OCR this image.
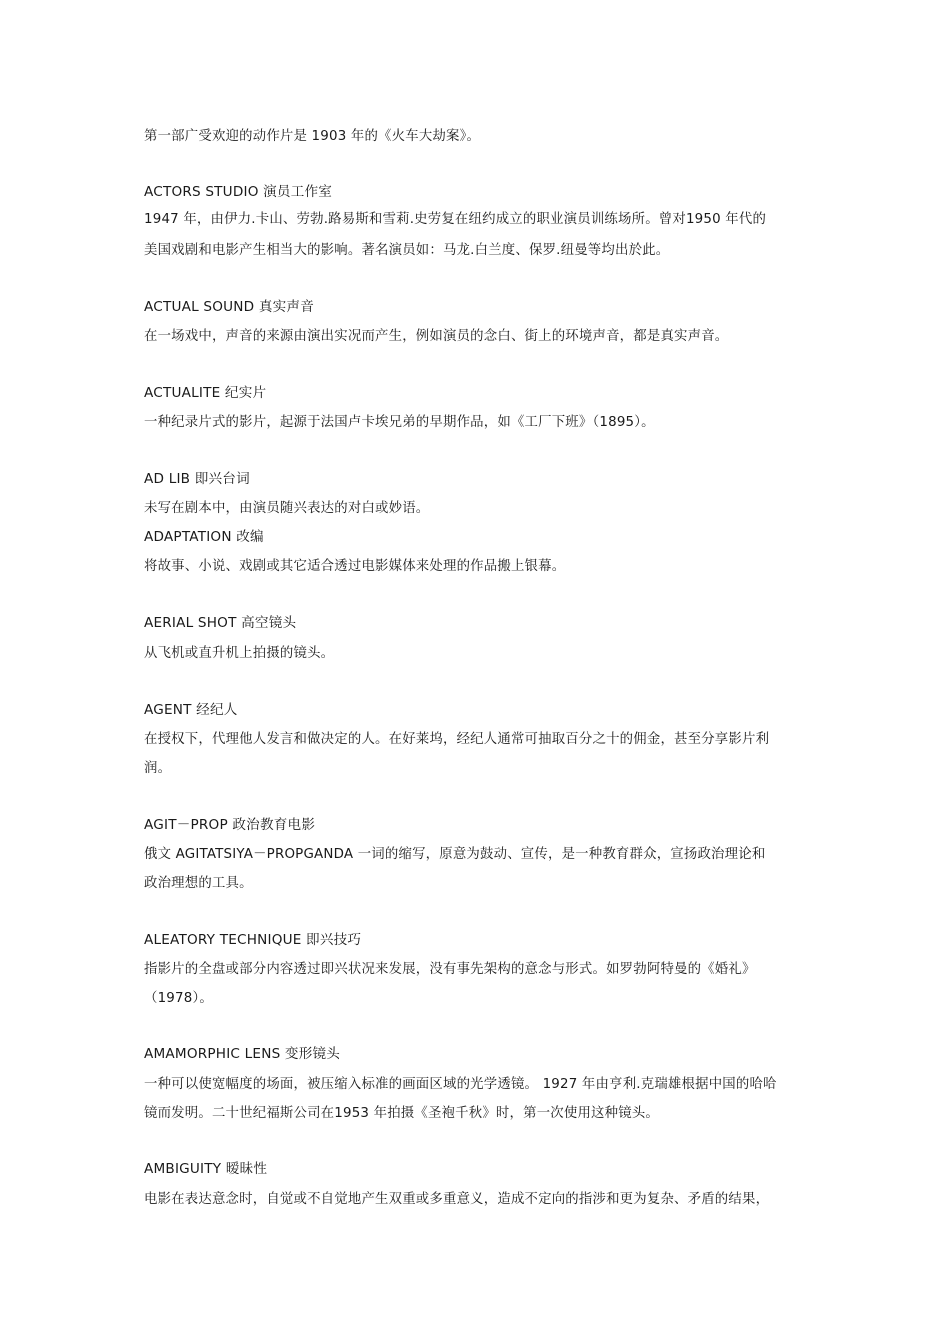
第一部广受欢迎的动作片是 1903 年的《火车大劫案》。
ACTORS STUDIO 演员工作室
1947 年，由伊力.卡山、劳勃.路易斯和雪莉.史劳复在纽约成立的职业演员训练场所。曾对1950 年代的
美国戏剧和电影产生相当大的影响。著名演员如：马龙.白兰度、保罗.纽曼等均出於此。
ACTUAL SOUND 真实声音
在一场戏中，声音的来源由演出实况而产生，例如演员的念白、街上的环境声音，都是真实声音。
ACTUALITE 纪实片
一种纪录片式的影片，起源于法国卢卡埃兄弟的早期作品，如《工厂下班》（1895）。
AD LIB 即兴台词
未写在剧本中，由演员随兴表达的对白或妙语。
ADAPTATION 改编
将故事、小说、戏剧或其它适合透过电影媒体来处理的作品搬上银幕。
AERIAL SHOT 高空镜头
从飞机或直升机上拍摄的镜头。
AGENT 经纪人
在授权下，代理他人发言和做决定的人。在好莱坞，经纪人通常可抽取百分之十的佣金，甚至分享影片利
润。
AGIT－PROP 政治教育电影
俄文 AGITATSIYA－PROPGANDA 一词的缩写，原意为鼓动、宣传，是一种教育群众，宣扬政治理论和
政治理想的工具。
ALEATORY TECHNIQUE 即兴技巧
指影片的全盘或部分内容透过即兴状况来发展，没有事先架构的意念与形式。如罗勃阿特曼的《婚礼》
（1978）。
AMAMORPHIC LENS 变形镜头
一种可以使宽幅度的场面，被压缩入标准的画面区域的光学透镜。 1927 年由亨利.克瑞雄根据中国的哈哈
镜而发明。二十世纪福斯公司在1953 年拍摄《圣袍千秋》时，第一次使用这种镜头。
AMBIGUITY 暧昧性
电影在表达意念时，自觉或不自觉地产生双重或多重意义，造成不定向的指涉和更为复杂、矛盾的结果，
